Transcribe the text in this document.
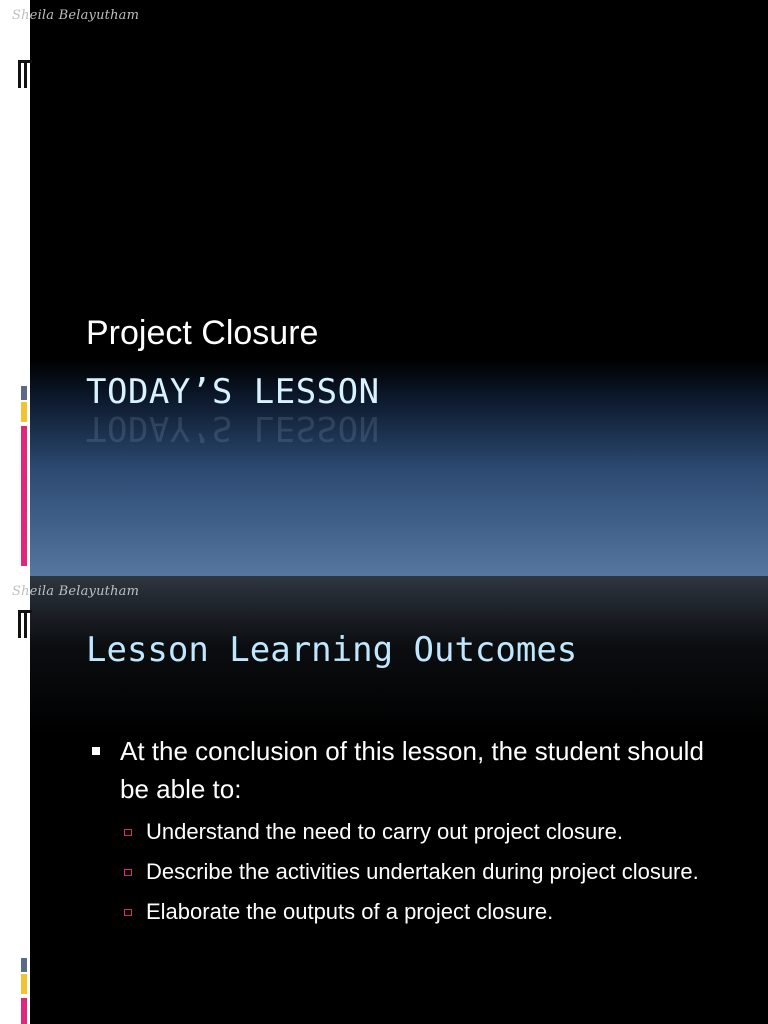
Sheila Belayutham
Project Closure
TODAY’S LESSON
TODAY’S LESSON
Sheila Belayutham
Lesson Learning Outcomes
At the conclusion of this lesson, the student should be able to:
Understand the need to carry out project closure.
Describe the activities undertaken during project closure.
Elaborate the outputs of a project closure.
